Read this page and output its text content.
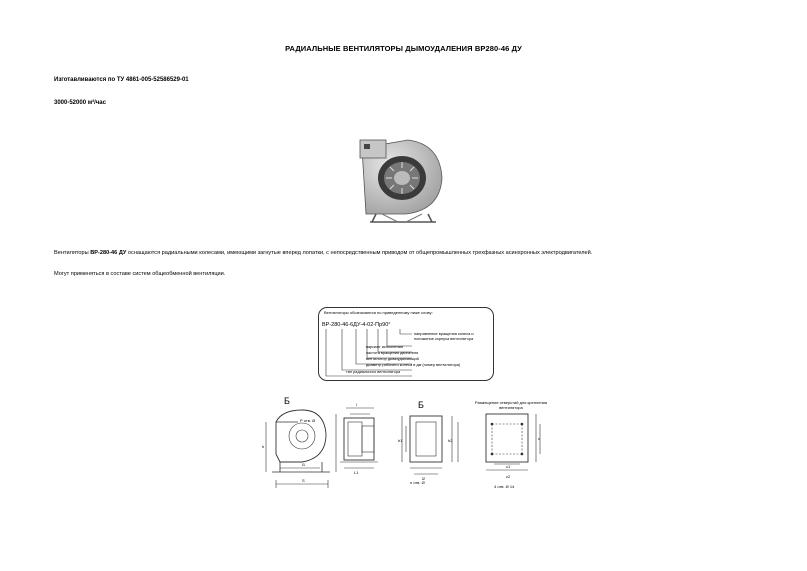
РАДИАЛЬНЫЕ ВЕНТИЛЯТОРЫ ДЫМОУДАЛЕНИЯ ВР280-46 ДУ
Изготавливаются по ТУ 4861-005-52586529-01
3000-52000 м³/час
Вентиляторы ВР-280-46 ДУ оснащаются радиальными колесами, имеющими загнутые вперед лопатки, с непосредственным приводом от общепромышленных трехфазных асинхронных электродвигателей.
Могут применяться в составе систем общеобменной вентиляции.
Вентиляторы обозначаются по приведенному ниже слову:
ВР-280-46-6ДУ-4-02-Пр90°
направление вращения колеса и положение корпуса вентилятора
вариант исполнения
частота вращения двигателя
вентилятор дымоудаляющий
диаметр рабочего колеса в дм (номер вентилятора)
тип радиального вентилятора
Б	Б
Р отв. Ø
n отв. Ø
S
l1
l
L1
h
h1	h2
c1
c2
c
l2
4 отв. Ø 14
Размещение отверстий для крепления вентилятора
